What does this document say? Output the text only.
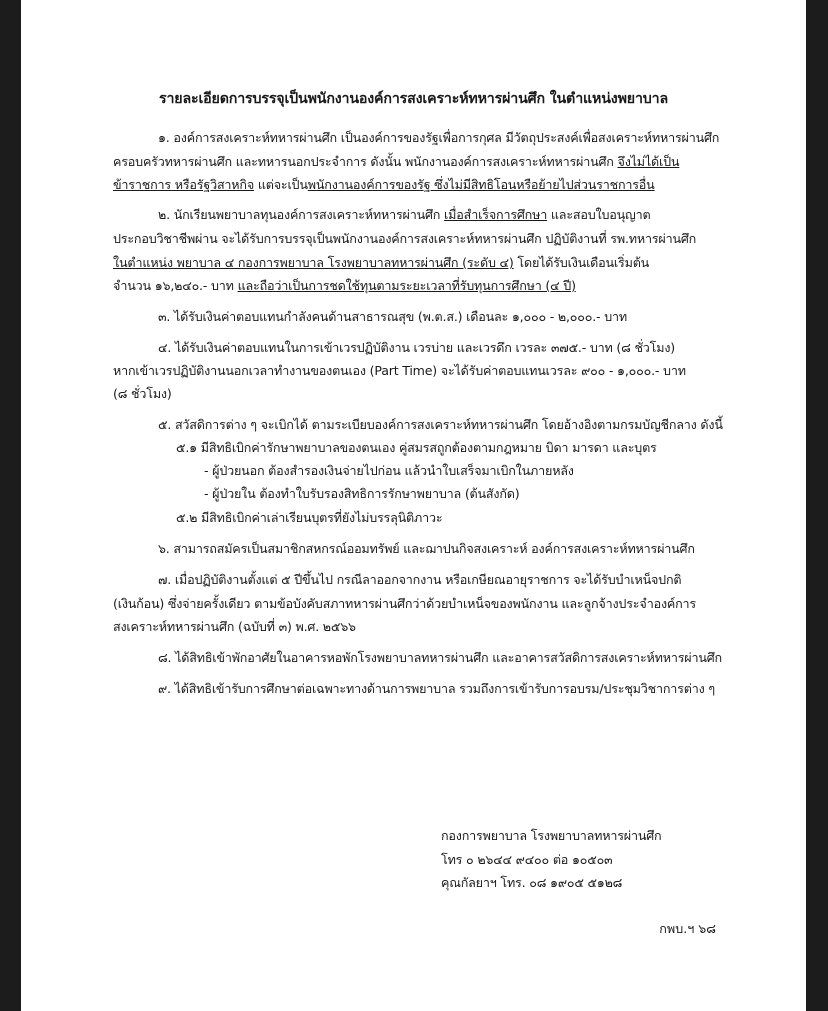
รายละเอียดการบรรจุเป็นพนักงานองค์การสงเคราะห์ทหารผ่านศึก ในตำแหน่งพยาบาล
๑. องค์การสงเคราะห์ทหารผ่านศึก เป็นองค์การของรัฐเพื่อการกุศล มีวัตถุประสงค์เพื่อสงเคราะห์ทหารผ่านศึก
ครอบครัวทหารผ่านศึก และทหารนอกประจำการ ดังนั้น พนักงานองค์การสงเคราะห์ทหารผ่านศึก จึงไม่ได้เป็น
ข้าราชการ หรือรัฐวิสาหกิจ แต่จะเป็นพนักงานองค์การของรัฐ ซึ่งไม่มีสิทธิโอนหรือย้ายไปส่วนราชการอื่น
๒. นักเรียนพยาบาลทุนองค์การสงเคราะห์ทหารผ่านศึก เมื่อสำเร็จการศึกษา และสอบใบอนุญาต
ประกอบวิชาชีพผ่าน จะได้รับการบรรจุเป็นพนักงานองค์การสงเคราะห์ทหารผ่านศึก ปฏิบัติงานที่ รพ.ทหารผ่านศึก
ในตำแหน่ง พยาบาล ๔ กองการพยาบาล โรงพยาบาลทหารผ่านศึก (ระดับ ๔) โดยได้รับเงินเดือนเริ่มต้น
จำนวน ๑๖,๒๔๐.- บาท และถือว่าเป็นการชดใช้ทุนตามระยะเวลาที่รับทุนการศึกษา (๔ ปี)
๓. ได้รับเงินค่าตอบแทนกำลังคนด้านสาธารณสุข (พ.ต.ส.) เดือนละ ๑,๐๐๐ - ๒,๐๐๐.- บาท
๔. ได้รับเงินค่าตอบแทนในการเข้าเวรปฏิบัติงาน เวรบ่าย และเวรดึก เวรละ ๓๗๕.- บาท (๘ ชั่วโมง)
หากเข้าเวรปฏิบัติงานนอกเวลาทำงานของตนเอง (Part Time) จะได้รับค่าตอบแทนเวรละ ๙๐๐ - ๑,๐๐๐.- บาท
(๘ ชั่วโมง)
๕. สวัสดิการต่าง ๆ จะเบิกได้ ตามระเบียบองค์การสงเคราะห์ทหารผ่านศึก โดยอ้างอิงตามกรมบัญชีกลาง ดังนี้
๕.๑ มีสิทธิเบิกค่ารักษาพยาบาลของตนเอง คู่สมรสถูกต้องตามกฎหมาย บิดา มารดา และบุตร
- ผู้ป่วยนอก ต้องสำรองเงินจ่ายไปก่อน แล้วนำใบเสร็จมาเบิกในภายหลัง
- ผู้ป่วยใน ต้องทำใบรับรองสิทธิการรักษาพยาบาล (ต้นสังกัด)
๕.๒ มีสิทธิเบิกค่าเล่าเรียนบุตรที่ยังไม่บรรลุนิติภาวะ
๖. สามารถสมัครเป็นสมาชิกสหกรณ์ออมทรัพย์ และฌาปนกิจสงเคราะห์ องค์การสงเคราะห์ทหารผ่านศึก
๗. เมื่อปฏิบัติงานตั้งแต่ ๕ ปีขึ้นไป กรณีลาออกจากงาน หรือเกษียณอายุราชการ จะได้รับบำเหน็จปกติ
(เงินก้อน) ซึ่งจ่ายครั้งเดียว ตามข้อบังคับสภาทหารผ่านศึกว่าด้วยบำเหน็จของพนักงาน และลูกจ้างประจำองค์การ
สงเคราะห์ทหารผ่านศึก (ฉบับที่ ๓) พ.ศ. ๒๕๖๖
๘. ได้สิทธิเข้าพักอาศัยในอาคารหอพักโรงพยาบาลทหารผ่านศึก และอาคารสวัสดิการสงเคราะห์ทหารผ่านศึก
๙. ได้สิทธิเข้ารับการศึกษาต่อเฉพาะทางด้านการพยาบาล รวมถึงการเข้ารับการอบรม/ประชุมวิชาการต่าง ๆ
กองการพยาบาล โรงพยาบาลทหารผ่านศึก
โทร ๐ ๒๖๔๔ ๙๔๐๐ ต่อ ๑๐๕๐๓
คุณกัลยาฯ โทร. ๐๘ ๑๙๐๕ ๕๑๒๘
กพบ.ฯ ๖๘
